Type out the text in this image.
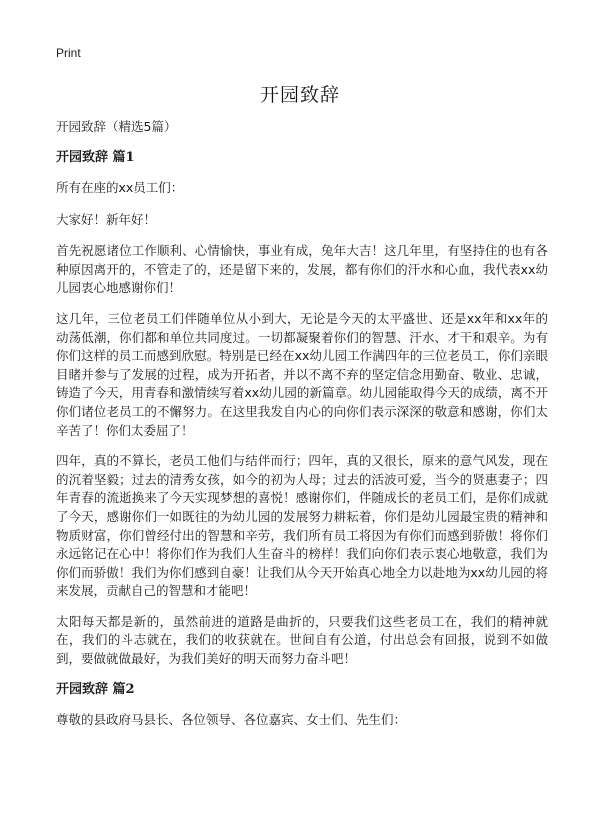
Print
开园致辞
开园致辞（精选5篇）
开园致辞 篇1

所有在座的xx员工们：

大家好！新年好！

首先祝愿诸位工作顺利、心情愉快，事业有成，兔年大吉！这几年里，有坚持住的也有各种原因离开的，不管走了的，还是留下来的，发展，都有你们的汗水和心血，我代表xx幼儿园衷心地感谢你们！

这几年，三位老员工们伴随单位从小到大，无论是今天的太平盛世、还是xx年和xx年的动荡低潮，你们都和单位共同度过。一切都凝聚着你们的智慧、汗水、才干和艰辛。为有你们这样的员工而感到欣慰。特别是已经在xx幼儿园工作满四年的三位老员工，你们亲眼目睹并参与了发展的过程，成为开拓者，并以不离不弃的坚定信念用勤奋、敬业、忠诚，铸造了今天，用青春和激情续写着xx幼儿园的新篇章。幼儿园能取得今天的成绩，离不开你们诸位老员工的不懈努力。在这里我发自内心的向你们表示深深的敬意和感谢，你们太辛苦了！你们太委屈了！

四年，真的不算长，老员工他们与结伴而行；四年，真的又很长，原来的意气风发，现在的沉着坚毅；过去的清秀女孩，如今的初为人母；过去的活波可爱，当今的贤惠妻子；四年青春的流逝换来了今天实现梦想的喜悦！感谢你们，伴随成长的老员工们，是你们成就了今天，感谢你们一如既往的为幼儿园的发展努力耕耘着，你们是幼儿园最宝贵的精神和物质财富，你们曾经付出的智慧和辛劳，我们所有员工将因为有你们而感到骄傲！将你们永远铭记在心中！将你们作为我们人生奋斗的榜样！我们向你们表示衷心地敬意，我们为你们而骄傲！我们为你们感到自豪！让我们从今天开始真心地全力以赴地为xx幼儿园的将来发展，贡献自己的智慧和才能吧！

太阳每天都是新的，虽然前进的道路是曲折的，只要我们这些老员工在，我们的精神就在，我们的斗志就在，我们的收获就在。世间自有公道，付出总会有回报，说到不如做到，要做就做最好，为我们美好的明天而努力奋斗吧！

开园致辞 篇2

尊敬的县政府马县长、各位领导、各位嘉宾、女士们、先生们：
